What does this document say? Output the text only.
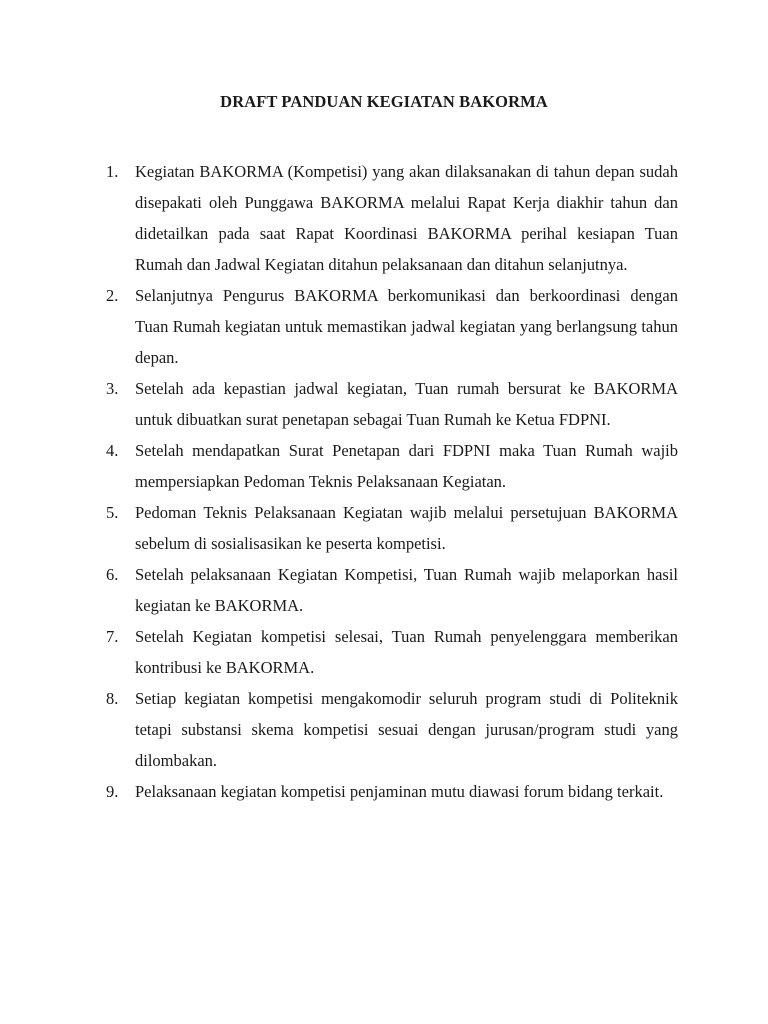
DRAFT PANDUAN KEGIATAN BAKORMA
1. Kegiatan BAKORMA (Kompetisi) yang akan dilaksanakan di tahun depan sudah disepakati oleh Punggawa BAKORMA melalui Rapat Kerja diakhir tahun dan didetailkan pada saat Rapat Koordinasi BAKORMA perihal kesiapan Tuan Rumah dan Jadwal Kegiatan ditahun pelaksanaan dan ditahun selanjutnya.
2. Selanjutnya Pengurus BAKORMA berkomunikasi dan berkoordinasi dengan Tuan Rumah kegiatan untuk memastikan jadwal kegiatan yang berlangsung tahun depan.
3. Setelah ada kepastian jadwal kegiatan, Tuan rumah bersurat ke BAKORMA untuk dibuatkan surat penetapan sebagai Tuan Rumah ke Ketua FDPNI.
4. Setelah mendapatkan Surat Penetapan dari FDPNI maka Tuan Rumah wajib mempersiapkan Pedoman Teknis Pelaksanaan Kegiatan.
5. Pedoman Teknis Pelaksanaan Kegiatan wajib melalui persetujuan BAKORMA sebelum di sosialisasikan ke peserta kompetisi.
6. Setelah pelaksanaan Kegiatan Kompetisi, Tuan Rumah wajib melaporkan hasil kegiatan ke BAKORMA.
7. Setelah Kegiatan kompetisi selesai, Tuan Rumah penyelenggara memberikan kontribusi ke BAKORMA.
8. Setiap kegiatan kompetisi mengakomodir seluruh program studi di Politeknik tetapi substansi skema kompetisi sesuai dengan jurusan/program studi yang dilombakan.
9. Pelaksanaan kegiatan kompetisi penjaminan mutu diawasi forum bidang terkait.
